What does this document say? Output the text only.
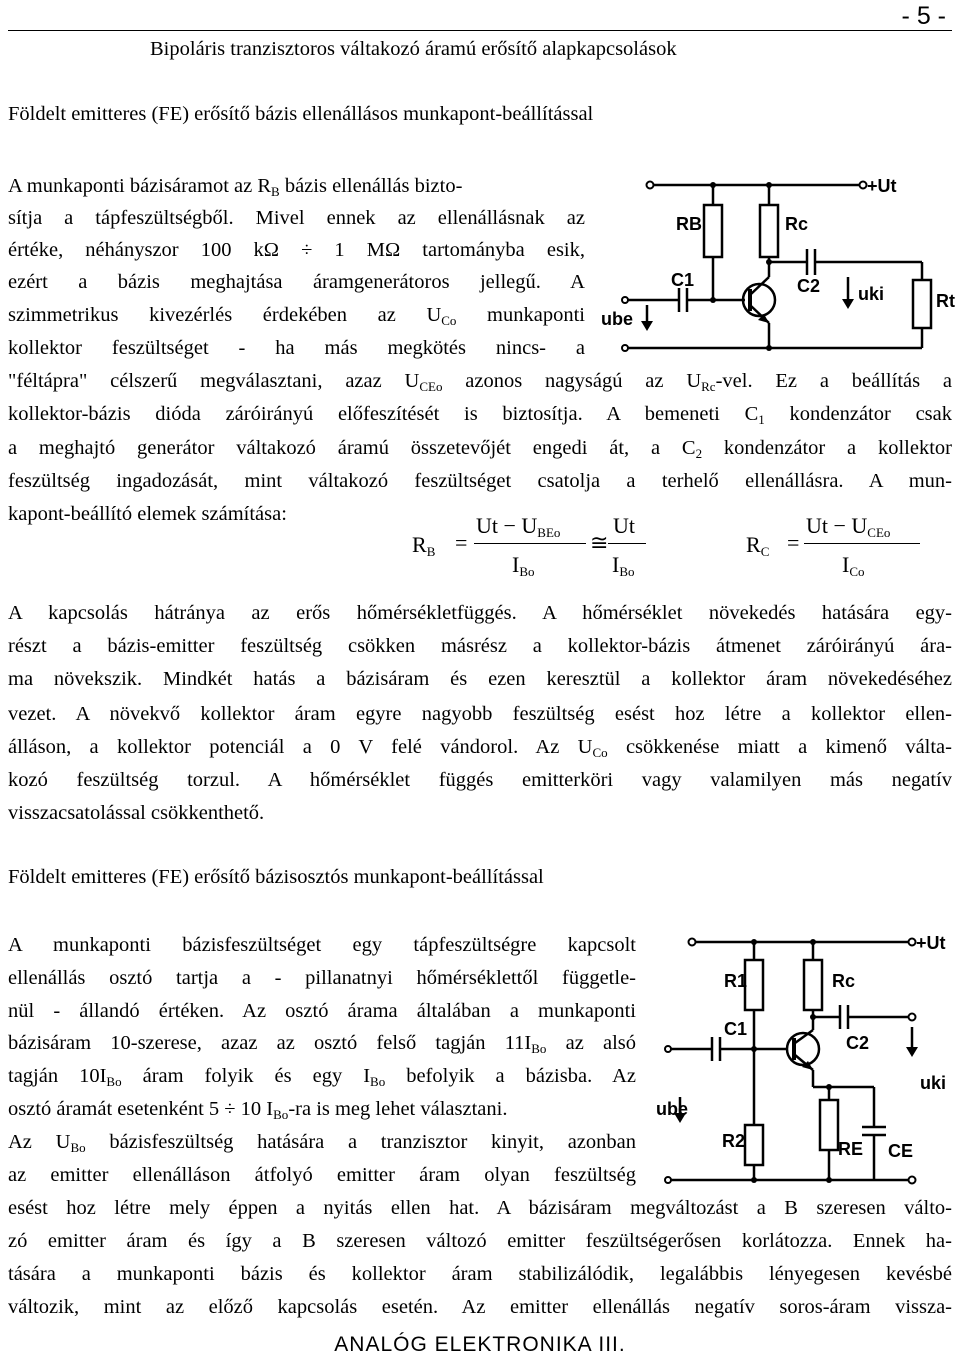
- 5 -
Bipoláris tranzisztoros váltakozó áramú erősítő alapkapcsolások
Földelt emitteres (FE) erősítő bázis ellenállásos munkapont-beállítással
A munkaponti bázisáramot az $R_B$ bázis ellenállás bizto-
sítja a tápfeszültségből. Mivel ennek az ellenállásnak az
értéke, néhányszor 100 kΩ ÷ 1 MΩ tartományba esik,
ezért a bázis meghajtása áramgenerátoros jellegű. A
szimmetrikus kivezérlés érdekében az $U_{Co}$ munkaponti
kollektor feszültséget - ha más megkötés nincs- a
"féltápra" célszerű megválasztani, azaz $U_{CEo}$ azonos nagyságú az $U_{Rc}$-vel. Ez a beállítás a
kollektor-bázis dióda záróirányú előfeszítését is biztosítja. A bemeneti $C_1$ kondenzátor csak
a meghajtó generátor váltakozó áramú összetevőjét engedi át, a $C_2$ kondenzátor a kollektor
feszültség ingadozását, mint váltakozó feszültséget csatolja a terhelő ellenállásra. A mun-
kapont-beállító elemek számítása:
$R_B$ =
$Ut - U_{BEo}$
$I_{Bo}$
≅
Ut
$I_{Bo}$
$R_C$ =
$Ut - U_{CEo}$
$I_{Co}$
A kapcsolás hátránya az erős hőmérsékletfüggés. A hőmérséklet növekedés hatására egy-
részt a bázis-emitter feszültség csökken másrész a kollektor-bázis átmenet záróirányú ára-
ma növekszik. Mindkét hatás a bázisáram és ezen keresztül a kollektor áram növekedéséhez
vezet. A növekvő kollektor áram egyre nagyobb feszültség esést hoz létre a kollektor ellen-
álláson, a kollektor potenciál a 0 V felé vándorol. Az $U_{Co}$ csökkenése miatt a kimenő válta-
kozó feszültség torzul. A hőmérséklet függés emitterköri vagy valamilyen más negatív
visszacsatolással csökkenthető.
Földelt emitteres (FE) erősítő bázisosztós munkapont-beállítással
A munkaponti bázisfeszültséget egy tápfeszültségre kapcsolt
ellenállás osztó tartja a - pillanatnyi hőmérséklettől függetle-
nül - állandó értéken. Az osztó árama általában a munkaponti
bázisáram 10-szerese, azaz az osztó felső tagján $11I_{Bo}$ az alsó
tagján $10I_{Bo}$ áram folyik és egy $I_{Bo}$ befolyik a bázisba. Az
osztó áramát esetenként 5 ÷ 10 $I_{Bo}-ra$ is meg lehet választani.
Az $U_{Bo}$ bázisfeszültség hatására a tranzisztor kinyit, azonban
az emitter ellenálláson átfolyó emitter áram olyan feszültség
esést hoz létre mely éppen a nyitás ellen hat. A bázisáram megváltozást a B szeresen válto-
zó emitter áram és így a B szeresen változó emitter feszültségerősen korlátozza. Ennek ha-
tására a munkaponti bázis és kollektor áram stabilizálódik, legalábbis lényegesen kevésbé
változik, mint az előző kapcsolás esetén. Az emitter ellenállás negatív soros-áram vissza-
ANALÓG ELEKTRONIKA III.
+Ut
RB	Rc
C1	C2 uki	Rt
ube
+Ut
R1	Rc
C1
C2
uki
ube
R2	RE CE
